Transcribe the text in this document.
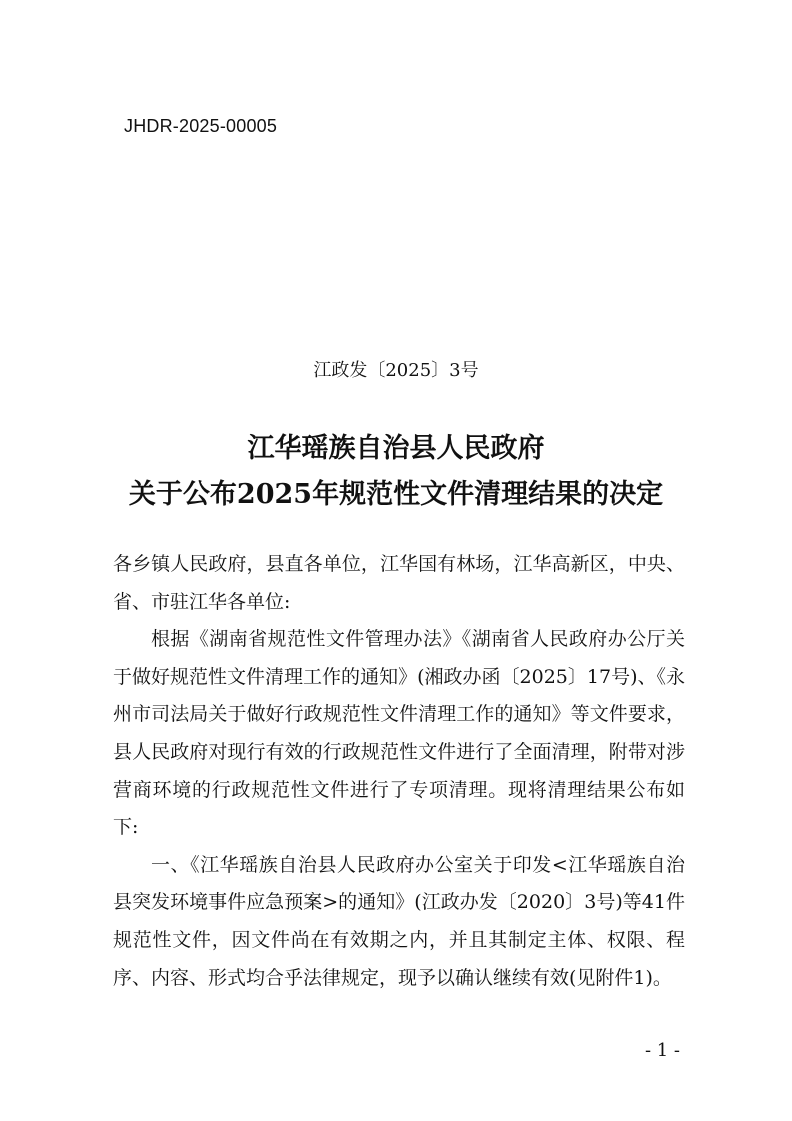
JHDR-2025-00005
江政发〔2025〕3号
江华瑶族自治县人民政府
关于公布2025年规范性文件清理结果的决定

各乡镇人民政府，县直各单位，江华国有林场，江华高新区，中央、省、市驻江华各单位:

根据《湖南省规范性文件管理办法》《湖南省人民政府办公厅关于做好规范性文件清理工作的通知》(湘政办函〔2025〕17号)、《永州市司法局关于做好行政规范性文件清理工作的通知》等文件要求，县人民政府对现行有效的行政规范性文件进行了全面清理，附带对涉营商环境的行政规范性文件进行了专项清理。现将清理结果公布如下:

一、《江华瑶族自治县人民政府办公室关于印发<江华瑶族自治县突发环境事件应急预案>的通知》(江政办发〔2020〕3号)等41件规范性文件，因文件尚在有效期之内，并且其制定主体、权限、程序、内容、形式均合乎法律规定，现予以确认继续有效(见附件1)。

- 1 -
